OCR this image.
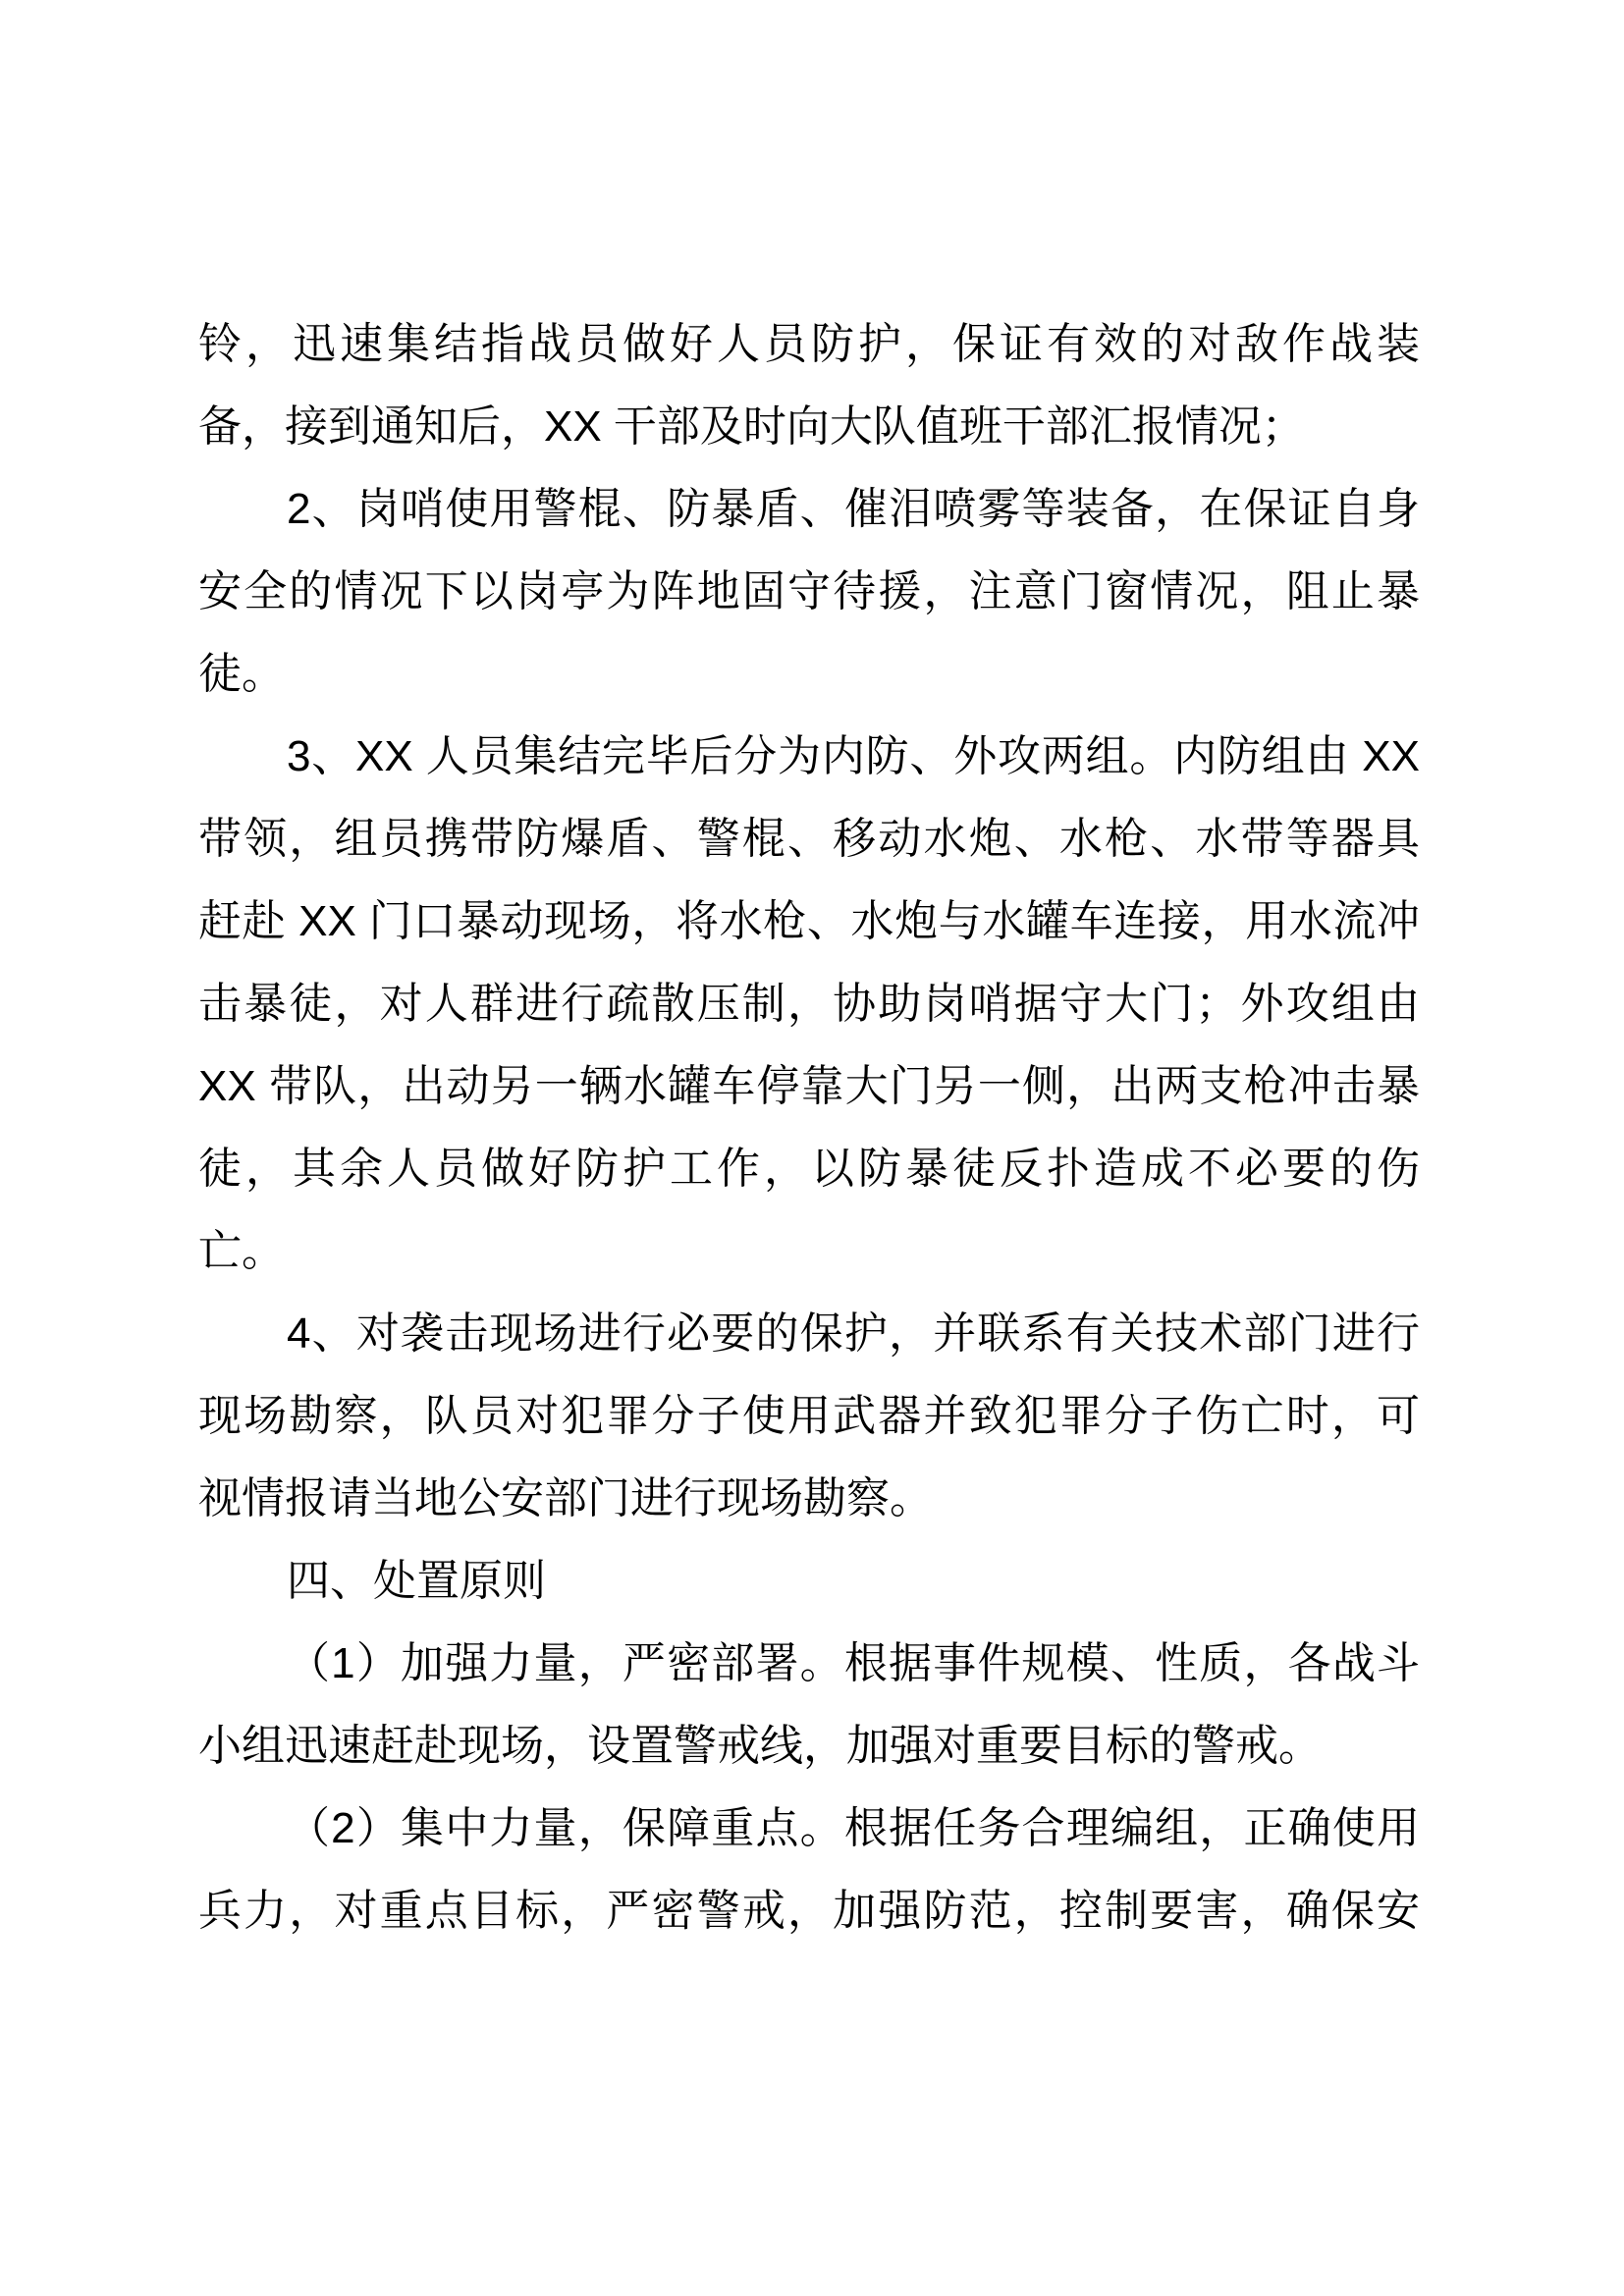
铃，迅速集结指战员做好人员防护，保证有效的对敌作战装
备，接到通知后，XX 干部及时向大队值班干部汇报情况；
2、岗哨使用警棍、防暴盾、催泪喷雾等装备，在保证自身
安全的情况下以岗亭为阵地固守待援，注意门窗情况，阻止暴
徒。
3、XX 人员集结完毕后分为内防、外攻两组。内防组由 XX
带领，组员携带防爆盾、警棍、移动水炮、水枪、水带等器具
赶赴 XX 门口暴动现场，将水枪、水炮与水罐车连接，用水流冲
击暴徒，对人群进行疏散压制，协助岗哨据守大门；外攻组由
XX 带队，出动另一辆水罐车停靠大门另一侧，出两支枪冲击暴
徒，其余人员做好防护工作，以防暴徒反扑造成不必要的伤
亡。
4、对袭击现场进行必要的保护，并联系有关技术部门进行
现场勘察，队员对犯罪分子使用武器并致犯罪分子伤亡时，可
视情报请当地公安部门进行现场勘察。
四、处置原则
（1）加强力量，严密部署。根据事件规模、性质，各战斗
小组迅速赶赴现场，设置警戒线，加强对重要目标的警戒。
（2）集中力量，保障重点。根据任务合理编组，正确使用
兵力，对重点目标，严密警戒，加强防范，控制要害，确保安
